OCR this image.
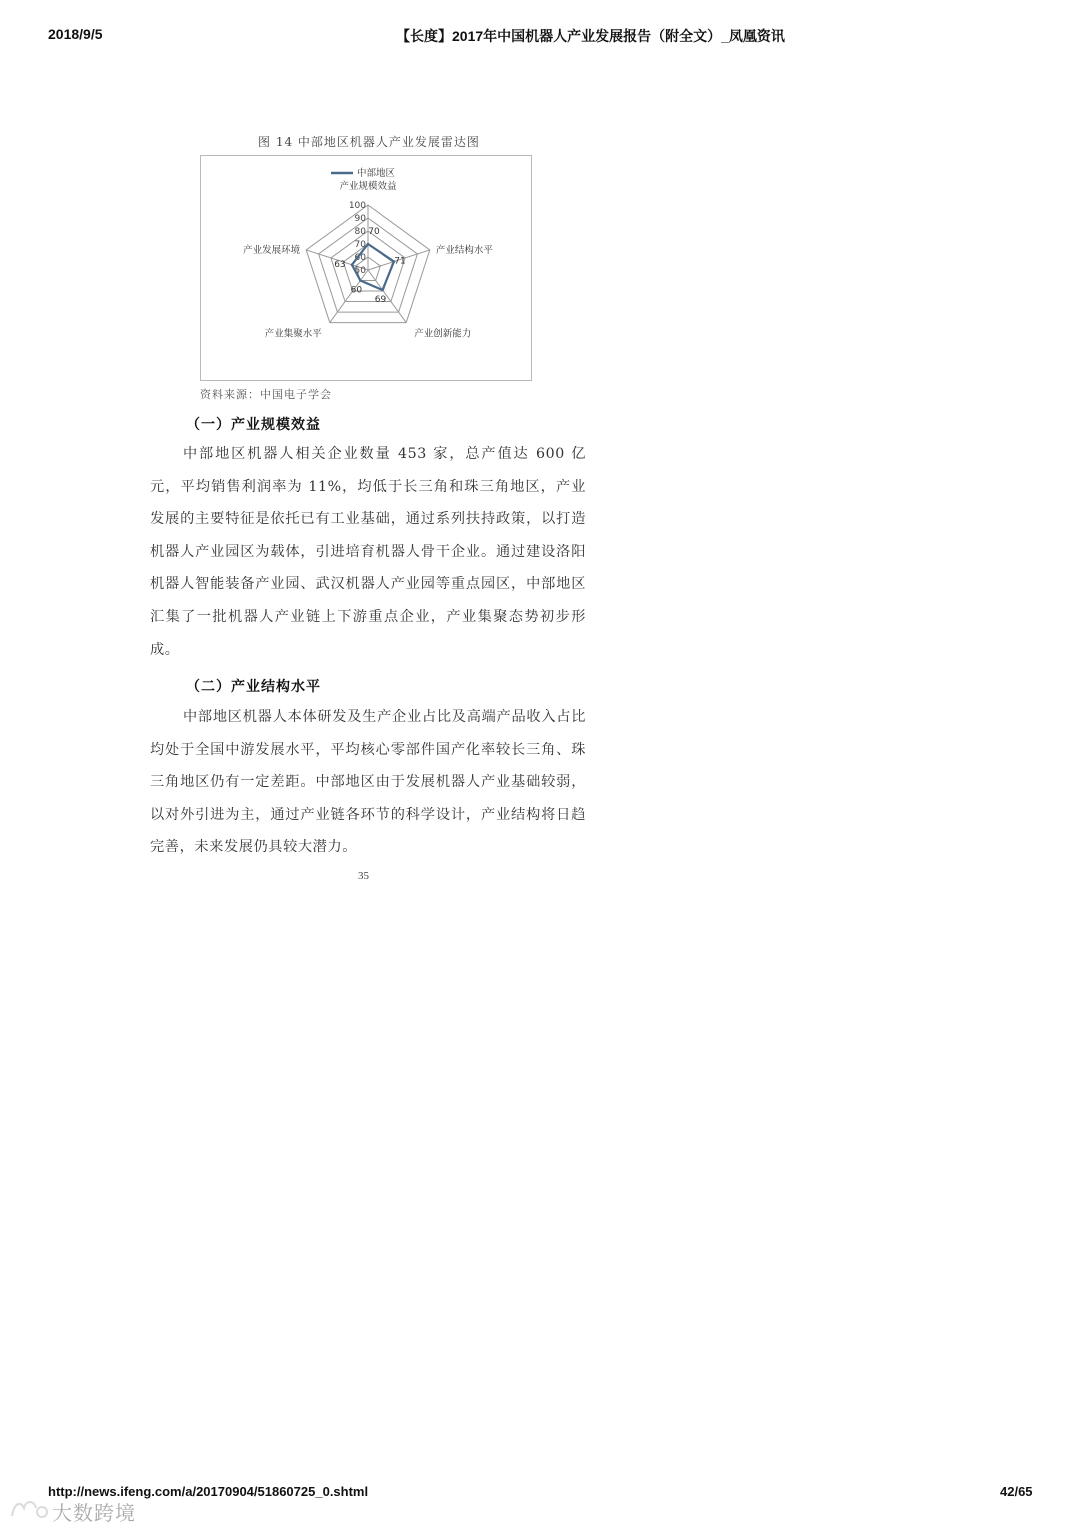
2018/9/5	【长度】2017年中国机器人产业发展报告（附全文）_凤凰资讯
图 14 中部地区机器人产业发展雷达图
50
60
70
80
90
100
产业规模效益
产业结构水平
产业创新能力
产业集聚水平
产业发展环境
70
71
69
60
63
中部地区
资料来源：中国电子学会
（一）产业规模效益

中部地区机器人相关企业数量 453 家，总产值达 600 亿元，平均销售利润率为 11%，均低于长三角和珠三角地区，产业发展的主要特征是依托已有工业基础，通过系列扶持政策，以打造机器人产业园区为载体，引进培育机器人骨干企业。通过建设洛阳机器人智能装备产业园、武汉机器人产业园等重点园区，中部地区汇集了一批机器人产业链上下游重点企业，产业集聚态势初步形成。

（二）产业结构水平

中部地区机器人本体研发及生产企业占比及高端产品收入占比均处于全国中游发展水平，平均核心零部件国产化率较长三角、珠三角地区仍有一定差距。中部地区由于发展机器人产业基础较弱，以对外引进为主，通过产业链各环节的科学设计，产业结构将日趋完善，未来发展仍具较大潜力。

35
http://news.ifeng.com/a/20170904/51860725_0.shtml	42/65
大数跨境
